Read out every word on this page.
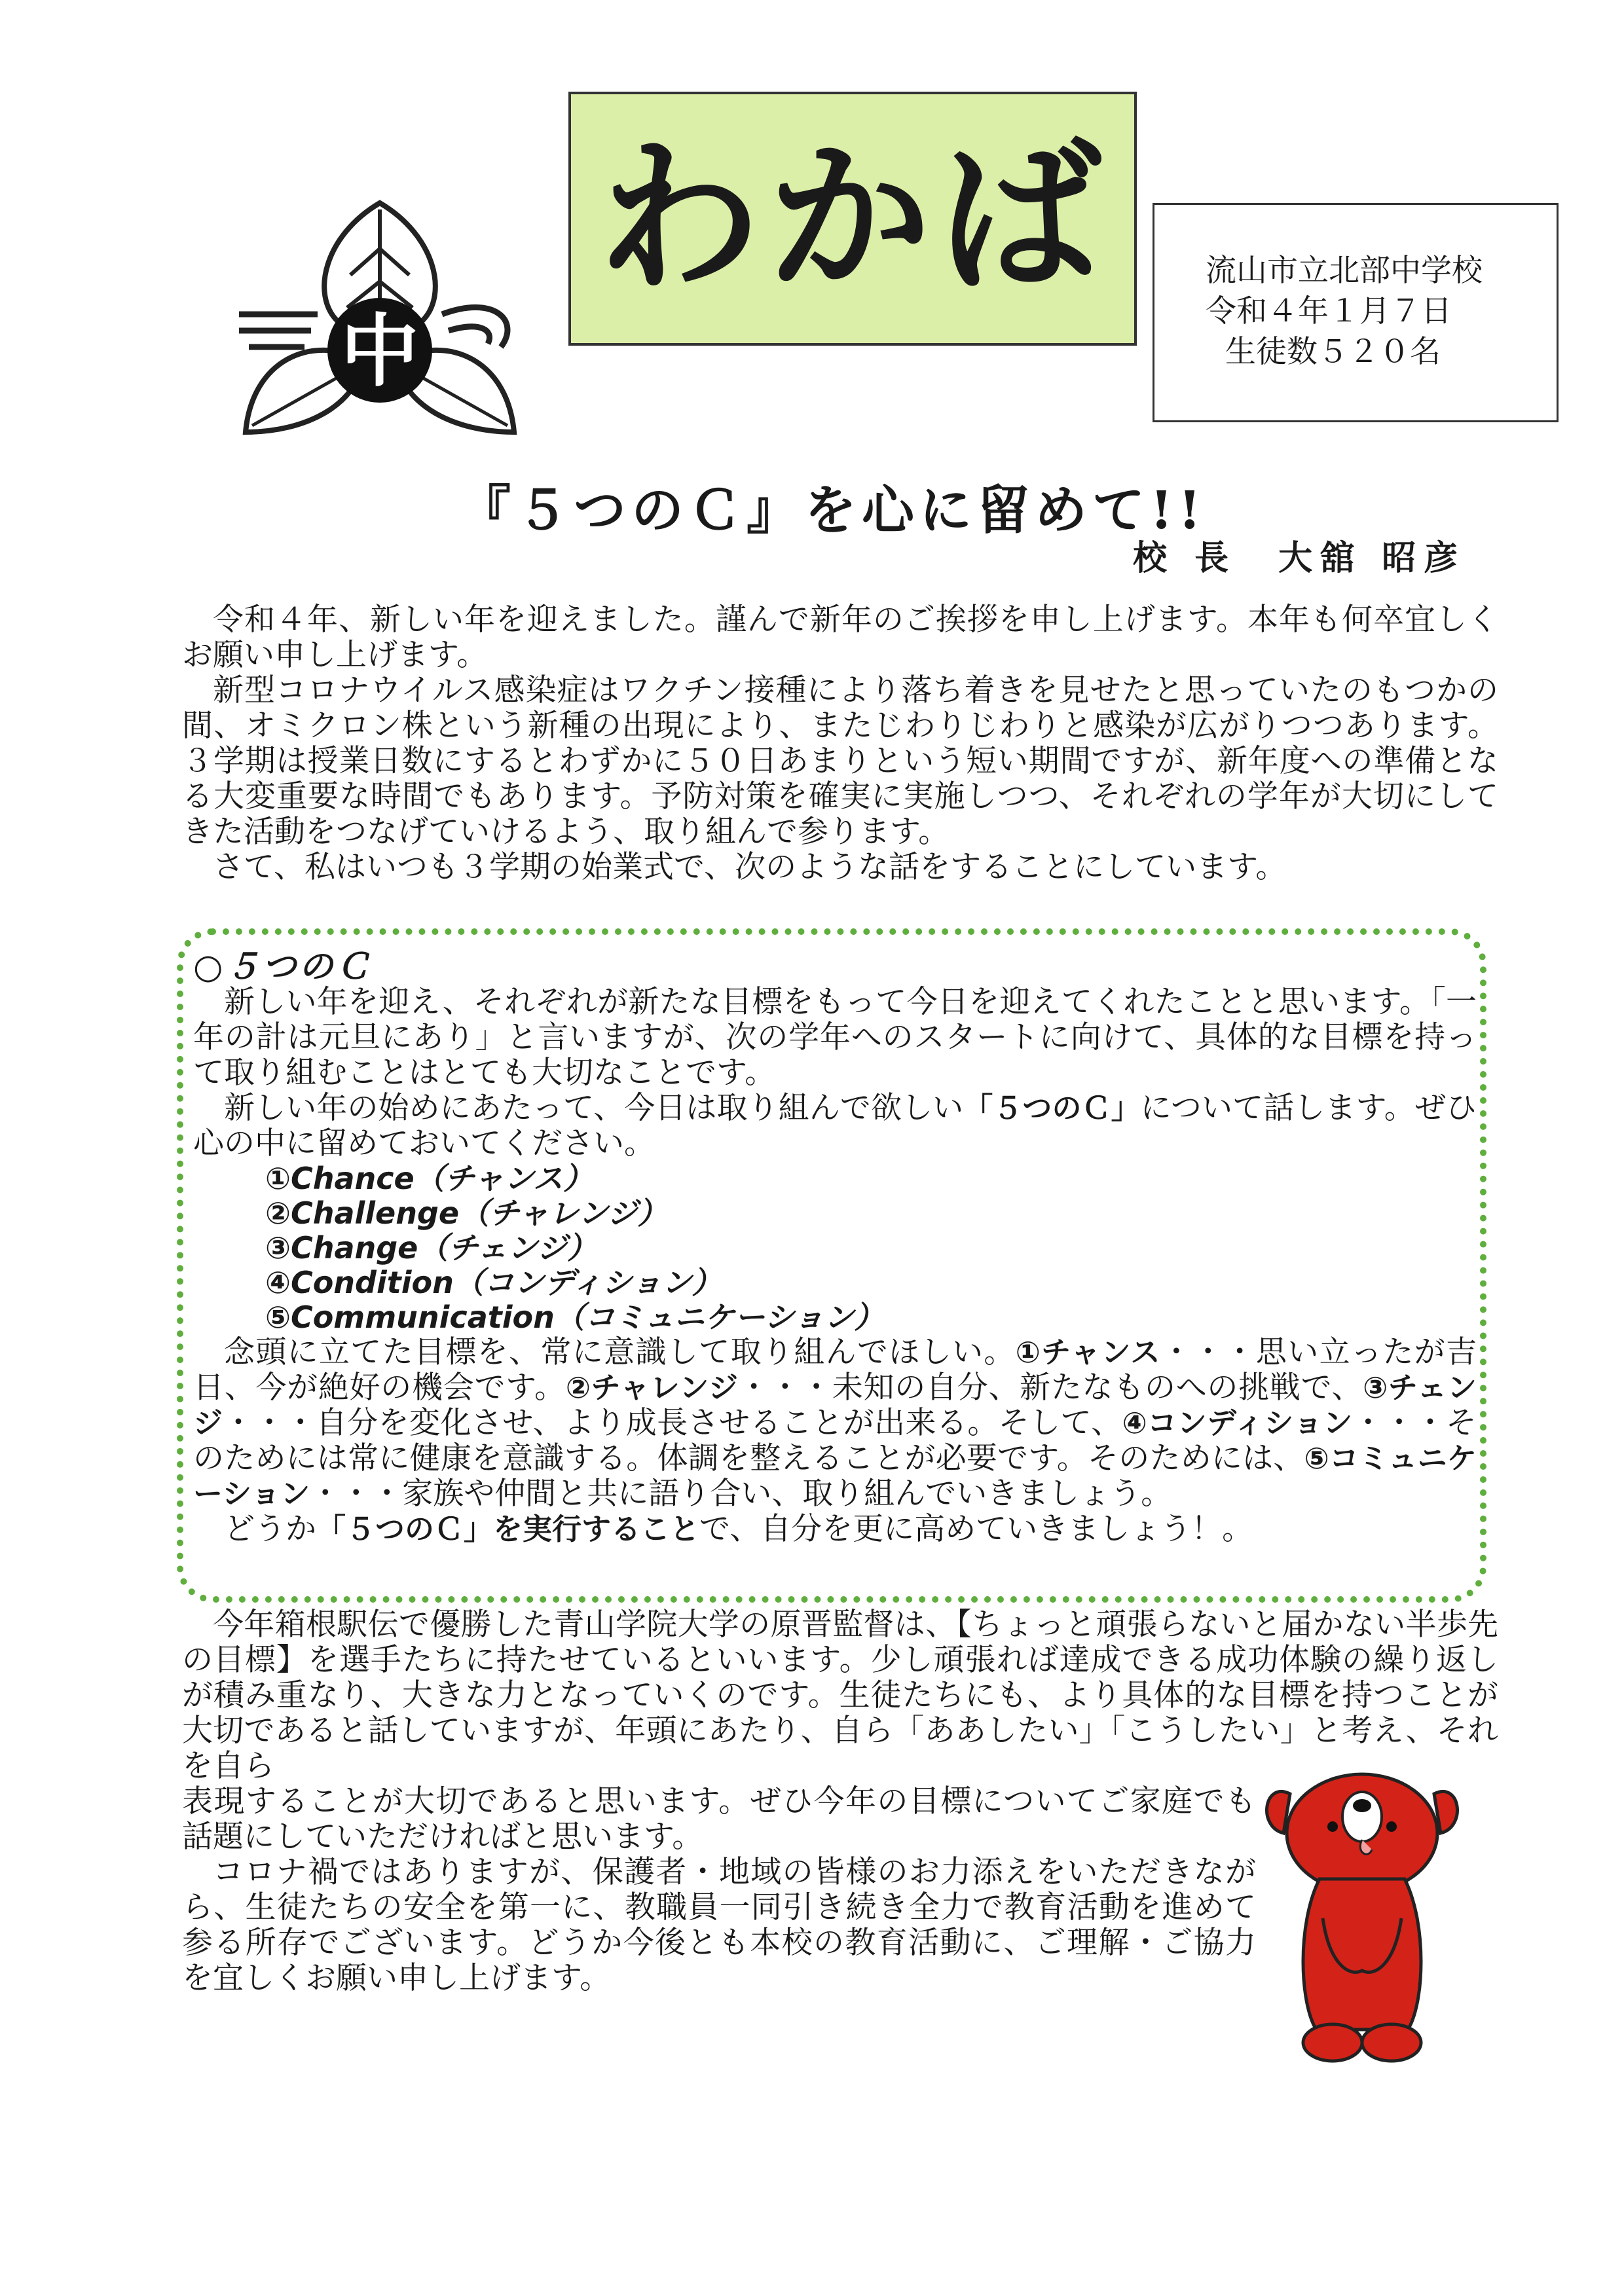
中
わかば	流山市立北部中学校
令和４年１月７日
生徒数５２０名
『５つのＣ』を心に留めて!!
校 長　大舘 昭彦

令和４年、新しい年を迎えました。謹んで新年のご挨拶を申し上げます。本年も何卒宜しくお願い申し上げます。

新型コロナウイルス感染症はワクチン接種により落ち着きを見せたと思っていたのもつかの間、オミクロン株という新種の出現により、またじわりじわりと感染が広がりつつあります。３学期は授業日数にするとわずかに５０日あまりという短い期間ですが、新年度への準備となる大変重要な時間でもあります。予防対策を確実に実施しつつ、それぞれの学年が大切にしてきた活動をつなげていけるよう、取り組んで参ります。

さて、私はいつも３学期の始業式で、次のような話をすることにしています。

○５つのＣ

新しい年を迎え、それぞれが新たな目標をもって今日を迎えてくれたことと思います。「一年の計は元旦にあり」と言いますが、次の学年へのスタートに向けて、具体的な目標を持って取り組むことはとても大切なことです。

新しい年の始めにあたって、今日は取り組んで欲しい「５つのＣ」について話します。ぜひ心の中に留めておいてください。

①Chance（チャンス）
②Challenge（チャレンジ）
③Change（チェンジ）
④Condition（コンディション）
⑤Communication（コミュニケーション）

念頭に立てた目標を、常に意識して取り組んでほしい。①チャンス・・・思い立ったが吉日、今が絶好の機会です。②チャレンジ・・・未知の自分、新たなものへの挑戦で、③チェンジ・・・自分を変化させ、より成長させることが出来る。そして、④コンディション・・・そのためには常に健康を意識する。体調を整えることが必要です。そのためには、⑤コミュニケーション・・・家族や仲間と共に語り合い、取り組んでいきましょう。

どうか「５つのＣ」を実行することで、自分を更に高めていきましょう！。

今年箱根駅伝で優勝した青山学院大学の原晋監督は、【ちょっと頑張らないと届かない半歩先の目標】を選手たちに持たせているといいます。少し頑張れば達成できる成功体験の繰り返しが積み重なり、大きな力となっていくのです。生徒たちにも、より具体的な目標を持つことが大切であると話していますが、年頭にあたり、自ら「ああしたい」「こうしたい」と考え、それを自ら

表現することが大切であると思います。ぜひ今年の目標についてご家庭でも話題にしていただければと思います。

コロナ禍ではありますが、保護者・地域の皆様のお力添えをいただきながら、生徒たちの安全を第一に、教職員一同引き続き全力で教育活動を進めて参る所存でございます。どうか今後とも本校の教育活動に、ご理解・ご協力を宜しくお願い申し上げます。
